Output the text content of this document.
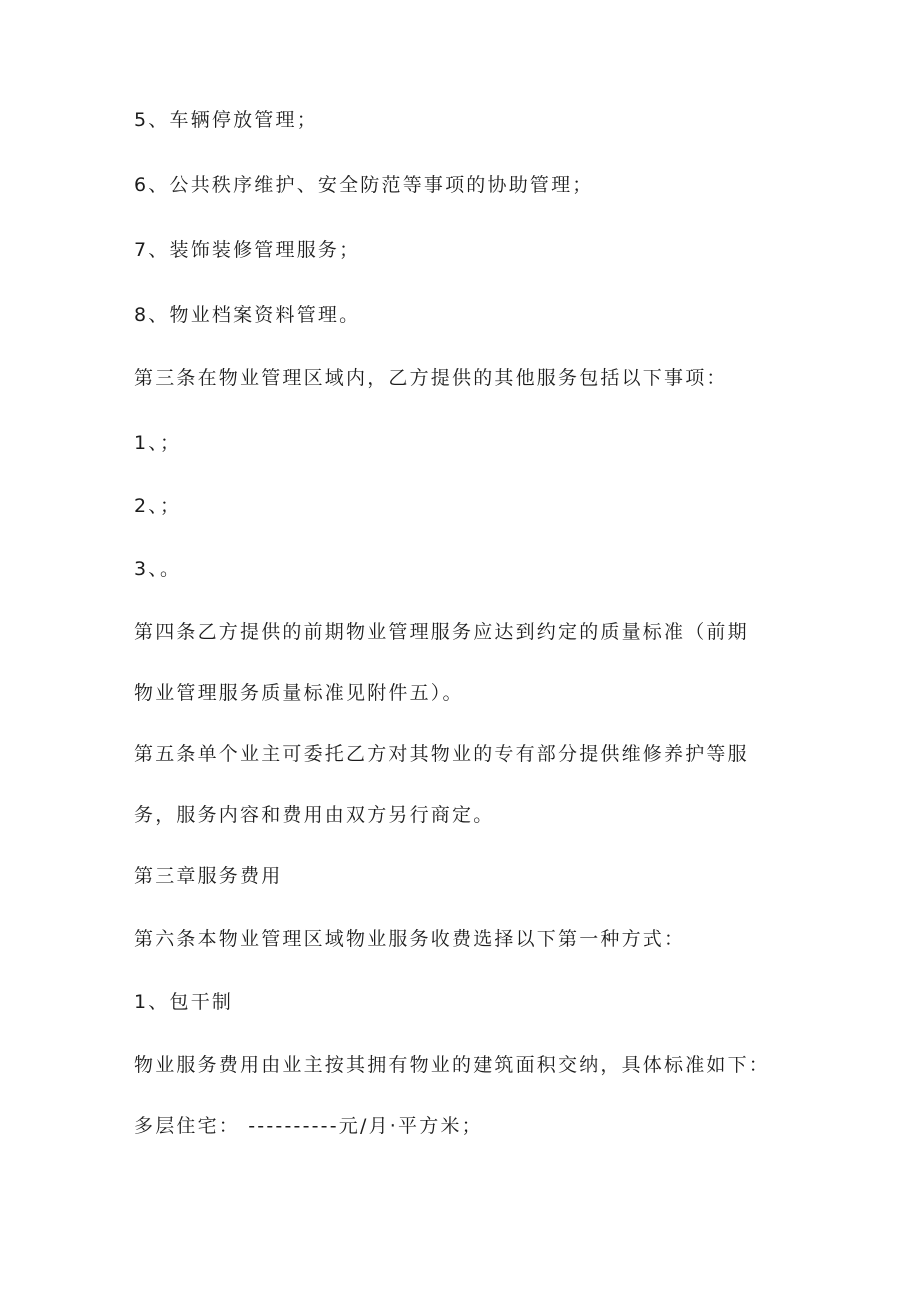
5、车辆停放管理；

6、公共秩序维护、安全防范等事项的协助管理；

7、装饰装修管理服务；

8、物业档案资料管理。

第三条在物业管理区域内，乙方提供的其他服务包括以下事项：

1、；

2、；

3、。

第四条乙方提供的前期物业管理服务应达到约定的质量标准（前期

物业管理服务质量标准见附件五）。

第五条单个业主可委托乙方对其物业的专有部分提供维修养护等服

务，服务内容和费用由双方另行商定。

第三章服务费用

第六条本物业管理区域物业服务收费选择以下第一种方式：

1、包干制

物业服务费用由业主按其拥有物业的建筑面积交纳，具体标准如下：

多层住宅： ----------元/月·平方米；
